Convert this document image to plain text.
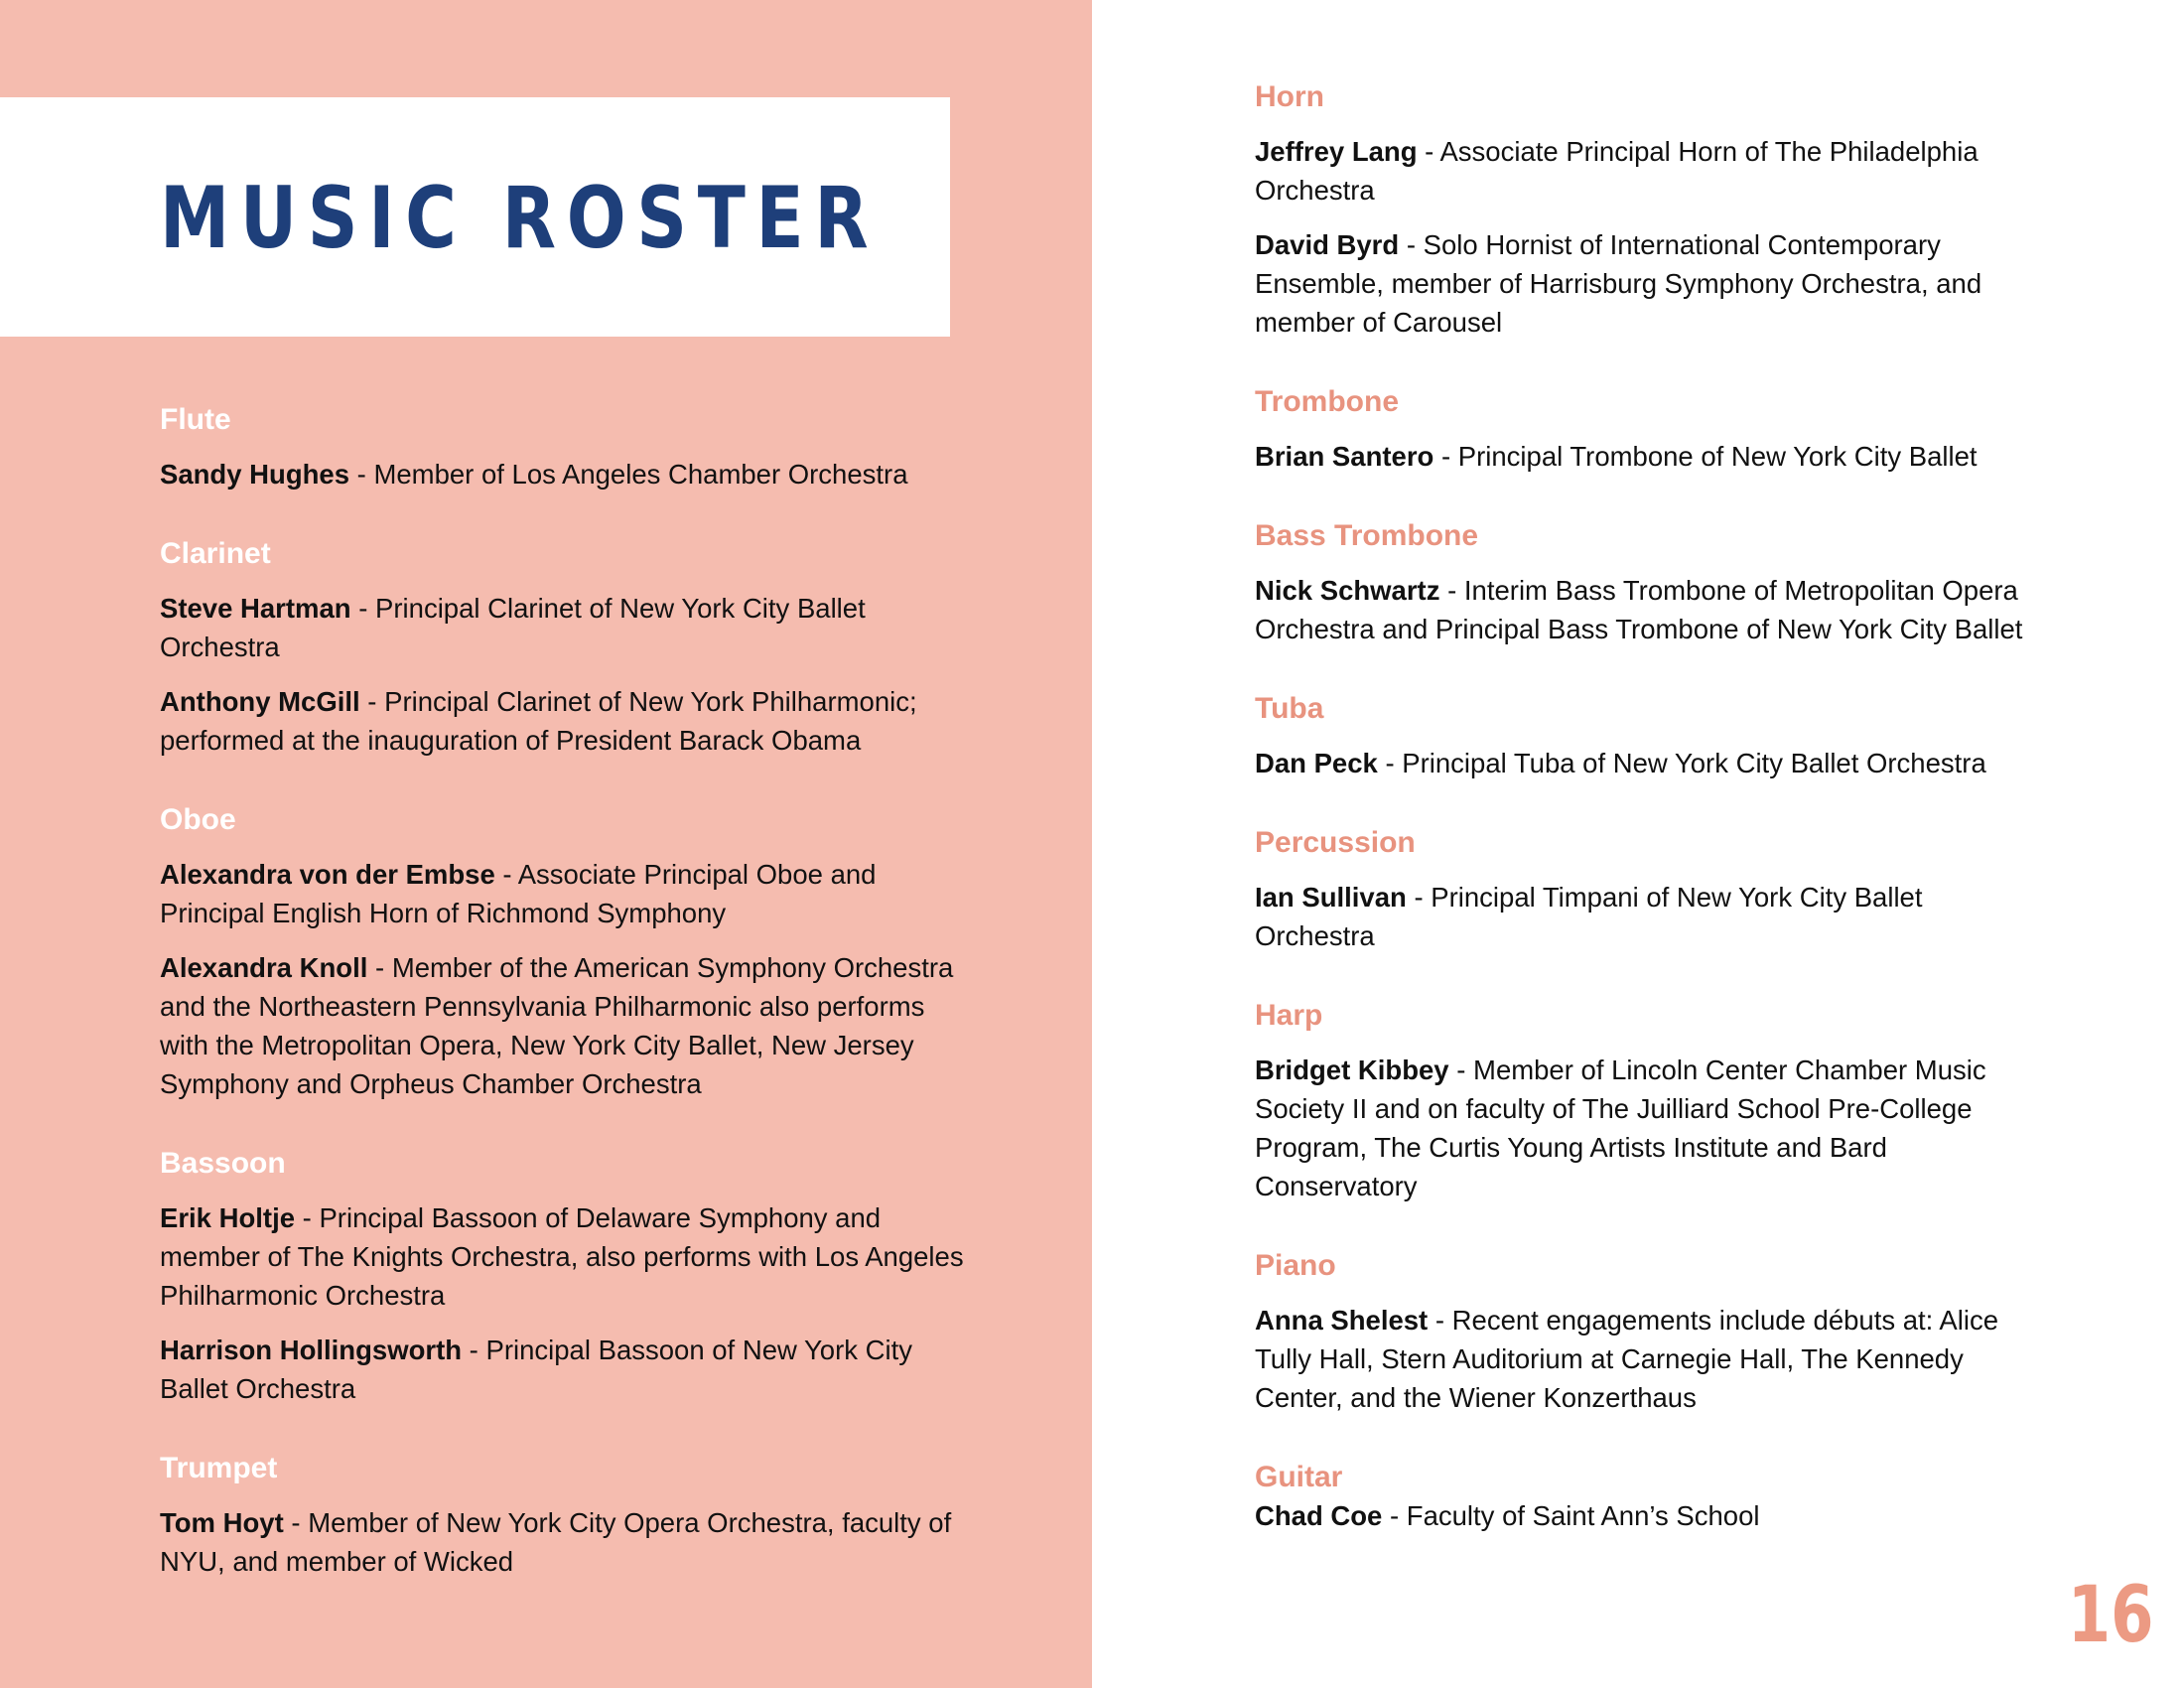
MUSIC ROSTER
Flute

Sandy Hughes - Member of Los Angeles Chamber Orchestra

Clarinet

Steve Hartman - Principal Clarinet of New York City Ballet Orchestra

Anthony McGill - Principal Clarinet of New York Philharmonic; performed at the inauguration of President Barack Obama

Oboe

Alexandra von der Embse - Associate Principal Oboe and Principal English Horn of Richmond Symphony

Alexandra Knoll - Member of the American Symphony Orchestra and the Northeastern Pennsylvania Philharmonic also performs with the Metropolitan Opera, New York City Ballet, New Jersey Symphony and Orpheus Chamber Orchestra

Bassoon

Erik Holtje - Principal Bassoon of Delaware Symphony and member of The Knights Orchestra, also performs with Los Angeles Philharmonic Orchestra

Harrison Hollingsworth - Principal Bassoon of New York City Ballet Orchestra

Trumpet

Tom Hoyt - Member of New York City Opera Orchestra, faculty of NYU, and member of Wicked

Horn

Jeffrey Lang - Associate Principal Horn of The Philadelphia Orchestra

David Byrd - Solo Hornist of International Contemporary Ensemble, member of Harrisburg Symphony Orchestra, and member of Carousel

Trombone

Brian Santero - Principal Trombone of New York City Ballet

Bass Trombone

Nick Schwartz - Interim Bass Trombone of Metropolitan Opera Orchestra and Principal Bass Trombone of New York City Ballet

Tuba

Dan Peck - Principal Tuba of New York City Ballet Orchestra

Percussion

Ian Sullivan - Principal Timpani of New York City Ballet Orchestra

Harp

Bridget Kibbey - Member of Lincoln Center Chamber Music Society II and on faculty of The Juilliard School Pre-College Program, The Curtis Young Artists Institute and Bard Conservatory

Piano

Anna Shelest - Recent engagements include débuts at: Alice Tully Hall, Stern Auditorium at Carnegie Hall, The Kennedy Center, and the Wiener Konzerthaus

Guitar

Chad Coe - Faculty of Saint Ann’s School

16
